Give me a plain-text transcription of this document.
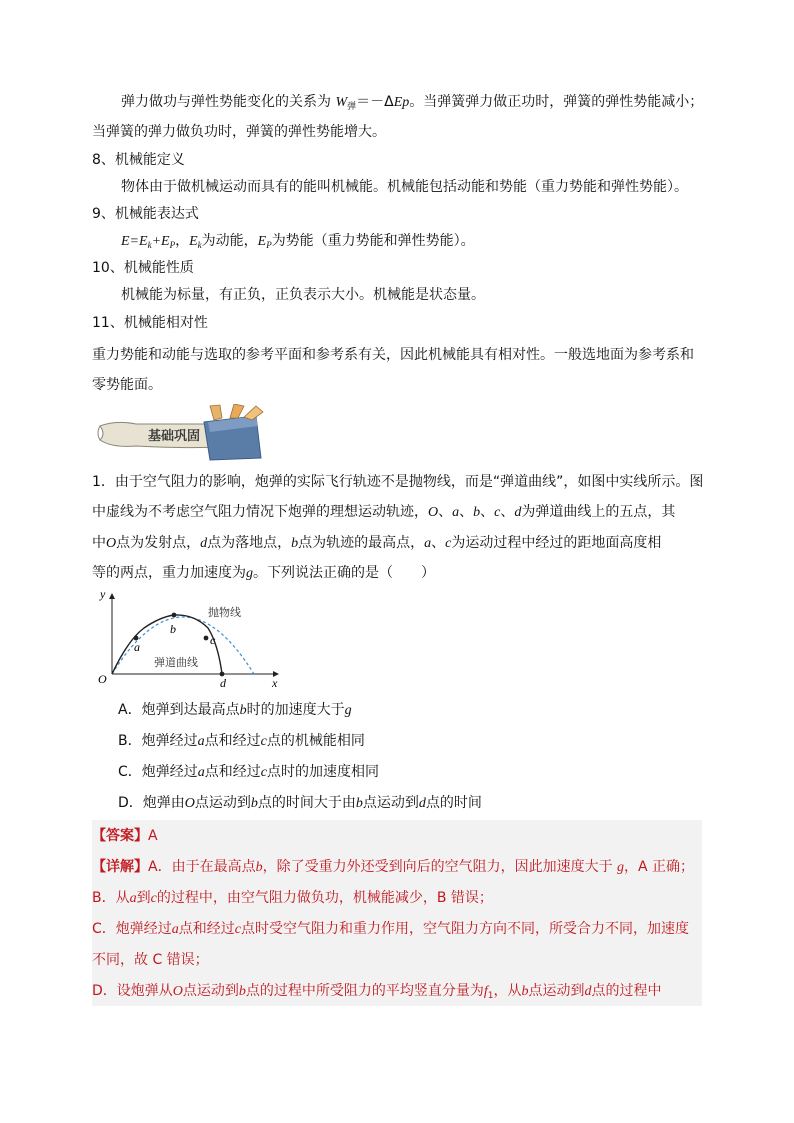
弹力做功与弹性势能变化的关系为 $W_弹=-\Delta Ep$。当弹簧弹力做正功时，弹簧的弹性势能减小；
当弹簧的弹力做负功时，弹簧的弹性势能增大。
8、机械能定义
物体由于做机械运动而具有的能叫机械能。机械能包括动能和势能（重力势能和弹性势能）。
9、机械能表达式
$E=E_k+E_P$，$E_k$为动能，$E_P$为势能（重力势能和弹性势能）。
10、机械能性质
机械能为标量，有正负，正负表示大小。机械能是状态量。
11、机械能相对性
重力势能和动能与选取的参考平面和参考系有关，因此机械能具有相对性。一般选地面为参考系和
零势能面。
基础巩固
1．由于空气阻力的影响，炮弹的实际飞行轨迹不是抛物线，而是“弹道曲线”，如图中实线所示。图
中虚线为不考虑空气阻力情况下炮弹的理想运动轨迹，O、a、b、c、d为弹道曲线上的五点，其
中O点为发射点，d点为落地点，b点为轨迹的最高点，a、c为运动过程中经过的距地面高度相
等的两点，重力加速度为g。下列说法正确的是（　　）
y
x
O
a
b
c
d
抛物线
弹道曲线
A．炮弹到达最高点b时的加速度大于g
B．炮弹经过a点和经过c点的机械能相同
C．炮弹经过a点和经过c点时的加速度相同
D．炮弹由O点运动到b点的时间大于由b点运动到d点的时间
【答案】A
【详解】A．由于在最高点b，除了受重力外还受到向后的空气阻力，因此加速度大于 g，A 正确；
B．从a到c的过程中，由空气阻力做负功，机械能减少，B 错误；
C．炮弹经过a点和经过c点时受空气阻力和重力作用，空气阻力方向不同，所受合力不同，加速度
不同，故 C 错误；
D．设炮弹从O点运动到b点的过程中所受阻力的平均竖直分量为$f_1$，从b点运动到d点的过程中
